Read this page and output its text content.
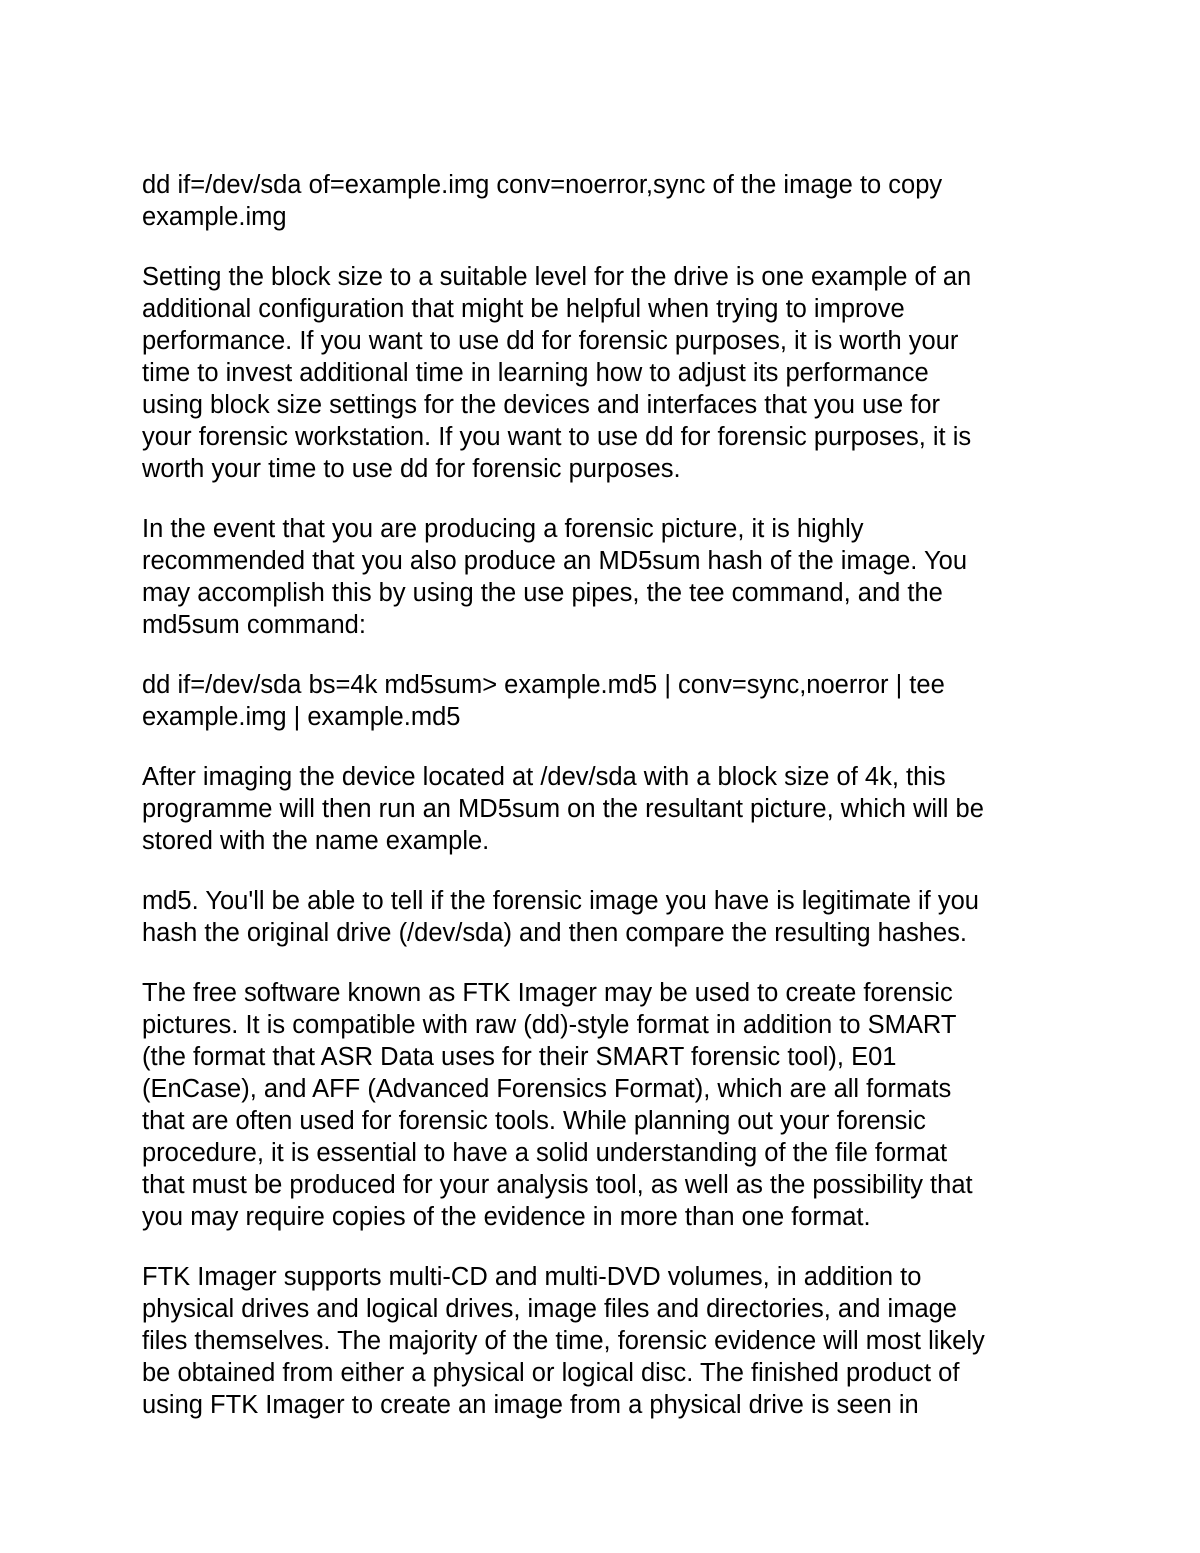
dd if=/dev/sda of=example.img conv=noerror,sync of the image to copy
example.img

Setting the block size to a suitable level for the drive is one example of an
additional configuration that might be helpful when trying to improve
performance. If you want to use dd for forensic purposes, it is worth your
time to invest additional time in learning how to adjust its performance
using block size settings for the devices and interfaces that you use for
your forensic workstation. If you want to use dd for forensic purposes, it is
worth your time to use dd for forensic purposes.

In the event that you are producing a forensic picture, it is highly
recommended that you also produce an MD5sum hash of the image. You
may accomplish this by using the use pipes, the tee command, and the
md5sum command:

dd if=/dev/sda bs=4k md5sum> example.md5 | conv=sync,noerror | tee
example.img | example.md5

After imaging the device located at /dev/sda with a block size of 4k, this
programme will then run an MD5sum on the resultant picture, which will be
stored with the name example.

md5. You'll be able to tell if the forensic image you have is legitimate if you
hash the original drive (/dev/sda) and then compare the resulting hashes.

The free software known as FTK Imager may be used to create forensic
pictures. It is compatible with raw (dd)-style format in addition to SMART
(the format that ASR Data uses for their SMART forensic tool), E01
(EnCase), and AFF (Advanced Forensics Format), which are all formats
that are often used for forensic tools. While planning out your forensic
procedure, it is essential to have a solid understanding of the file format
that must be produced for your analysis tool, as well as the possibility that
you may require copies of the evidence in more than one format.

FTK Imager supports multi-CD and multi-DVD volumes, in addition to
physical drives and logical drives, image files and directories, and image
files themselves. The majority of the time, forensic evidence will most likely
be obtained from either a physical or logical disc. The finished product of
using FTK Imager to create an image from a physical drive is seen in
